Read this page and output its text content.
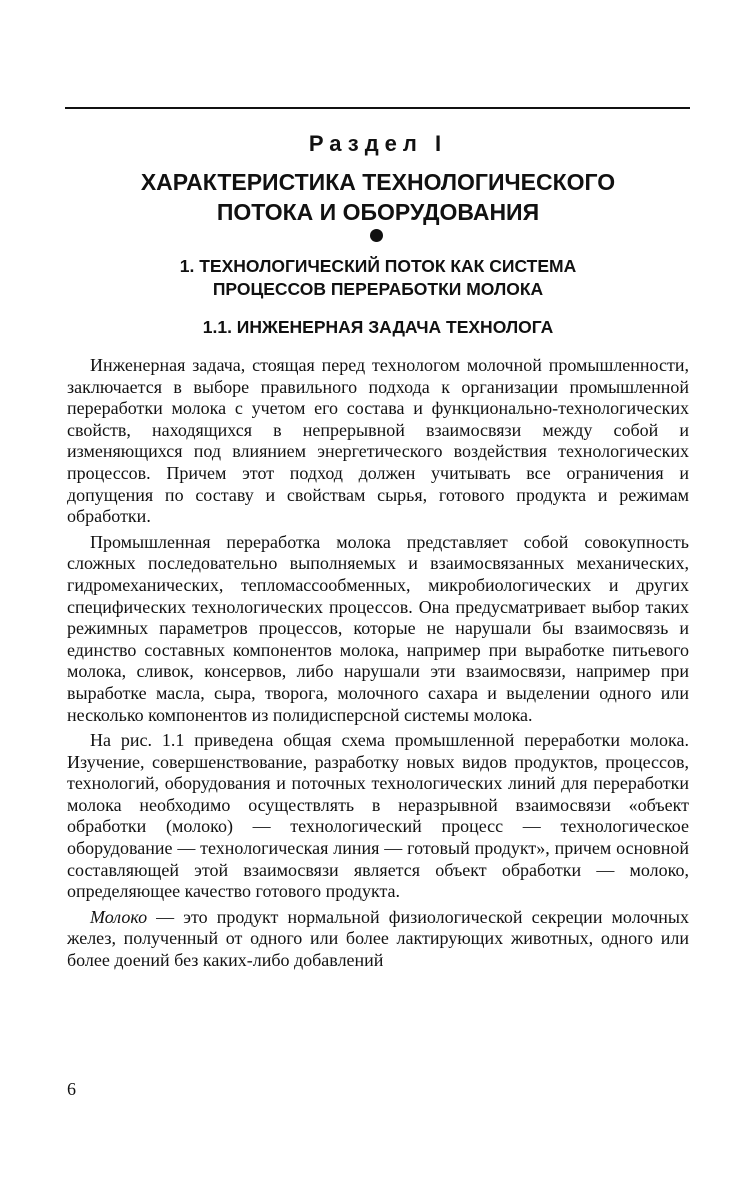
Раздел I
ХАРАКТЕРИСТИКА ТЕХНОЛОГИЧЕСКОГО
ПОТОКА И ОБОРУДОВАНИЯ
1. ТЕХНОЛОГИЧЕСКИЙ ПОТОК КАК СИСТЕМА
ПРОЦЕССОВ ПЕРЕРАБОТКИ МОЛОКА
1.1. ИНЖЕНЕРНАЯ ЗАДАЧА ТЕХНОЛОГА

Инженерная задача, стоящая перед технологом молочной промышленности, заключается в выборе правильного подхода к организации промышленной переработки молока с учетом его состава и функционально-технологических свойств, находящихся в непрерывной взаимосвязи между собой и изменяющихся под влиянием энергетического воздействия технологических процессов. Причем этот подход должен учитывать все ограничения и допущения по составу и свойствам сырья, готового продукта и режимам обработки.

Промышленная переработка молока представляет собой совокупность сложных последовательно выполняемых и взаимосвязанных механических, гидромеханических, тепломассообменных, микробиологических и других специфических технологических процессов. Она предусматривает выбор таких режимных параметров процессов, которые не нарушали бы взаимосвязь и единство составных компонентов молока, например при выработке питьевого молока, сливок, консервов, либо нарушали эти взаимосвязи, например при выработке масла, сыра, творога, молочного сахара и выделении одного или несколько компонентов из полидисперсной системы молока.

На рис. 1.1 приведена общая схема промышленной переработки молока. Изучение, совершенствование, разработку новых видов продуктов, процессов, технологий, оборудования и поточных технологических линий для переработки молока необходимо осуществлять в неразрывной взаимосвязи «объект обработки (молоко) — технологический процесс — технологическое оборудование — технологическая линия — готовый продукт», причем основной составляющей этой взаимосвязи является объект обработки — молоко, определяющее качество готового продукта.

Молоко — это продукт нормальной физиологической секреции молочных желез, полученный от одного или более лактирующих животных, одного или более доений без каких-либо добавлений

6
